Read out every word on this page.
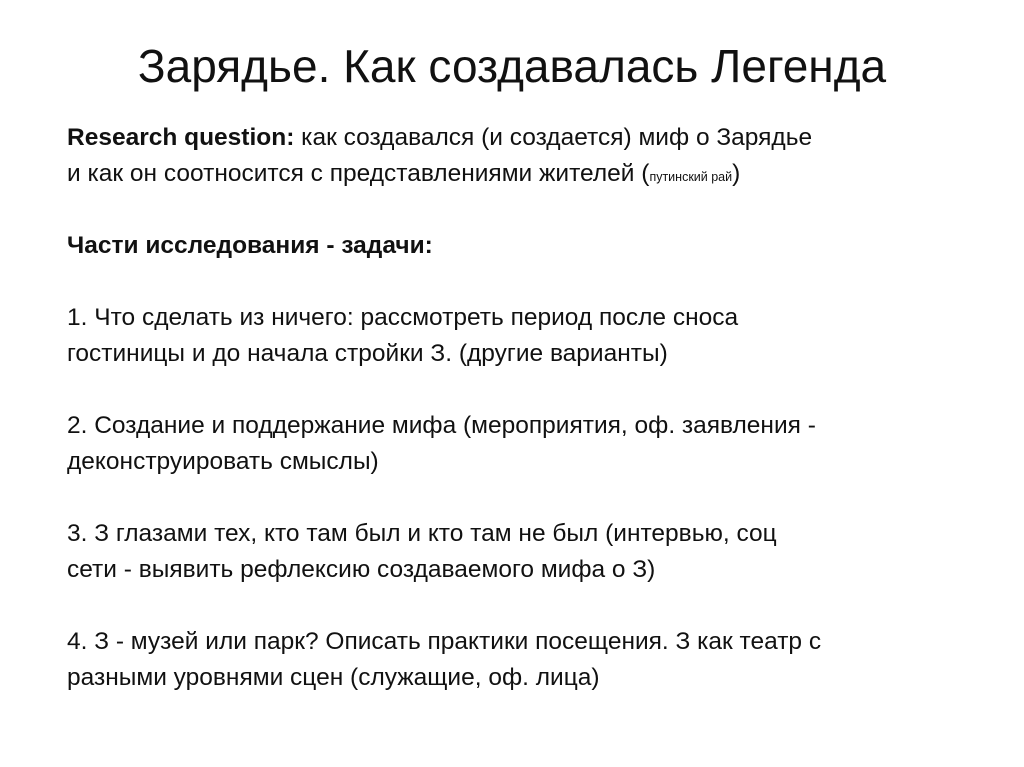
Зарядье. Как создавалась Легенда
Research question: как создавался (и создается) миф о Зарядье
и как он соотносится с представлениями жителей (путинский рай)
Части исследования - задачи:
1. Что сделать из ничего: рассмотреть период после сноса
гостиницы и до начала стройки З. (другие варианты)
2. Создание и поддержание мифа (мероприятия, оф. заявления -
деконструировать смыслы)
3. З глазами тех, кто там был и кто там не был (интервью, соц
сети - выявить рефлексию создаваемого мифа о З)
4. З - музей или парк? Описать практики посещения. З как театр с
разными уровнями сцен (служащие, оф. лица)
